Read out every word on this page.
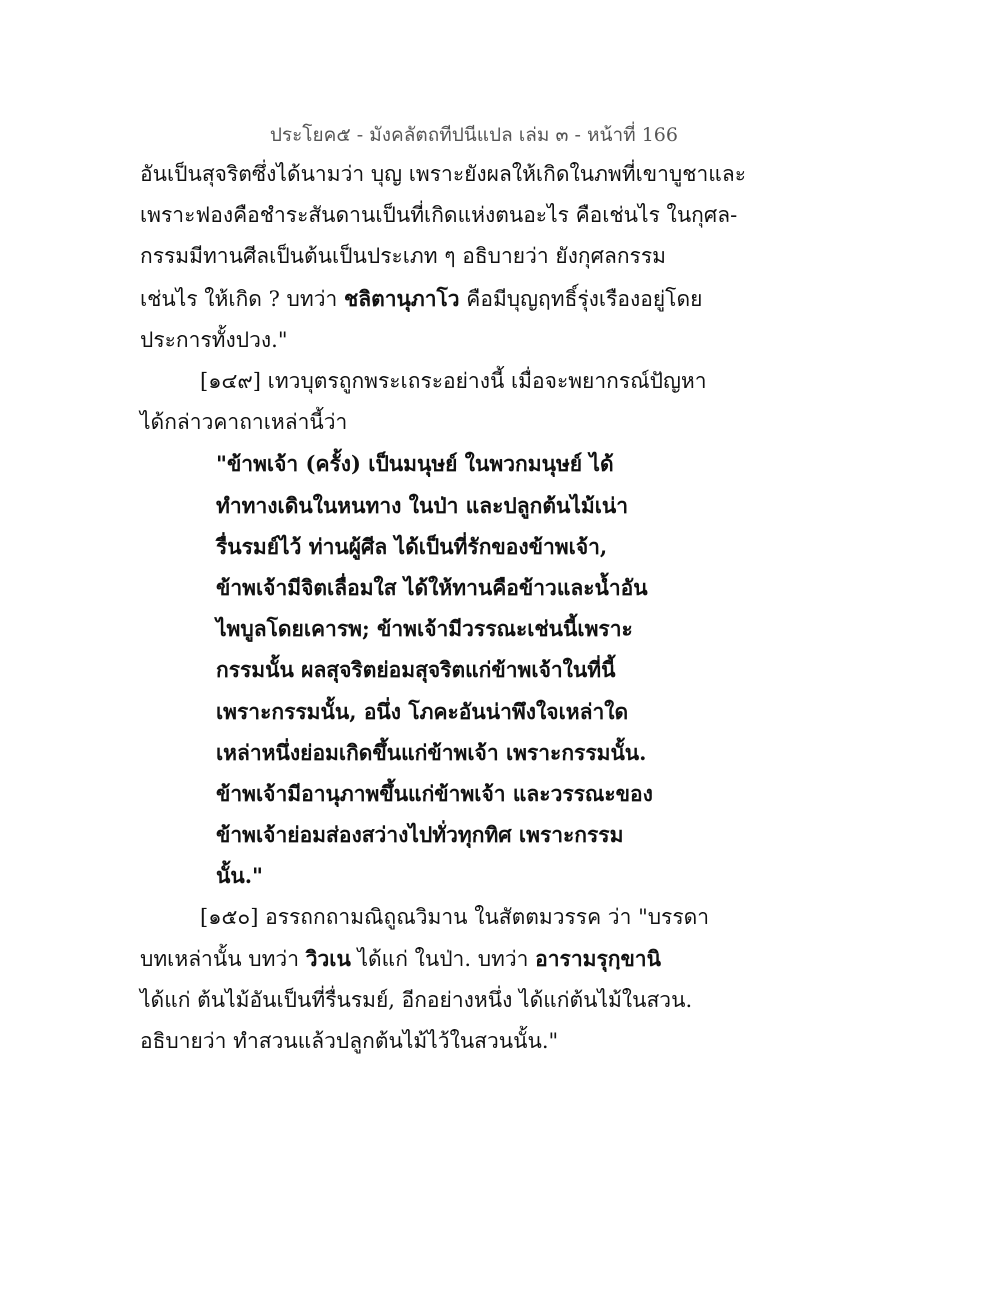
ประโยค๕ - มังคลัตถทีปนีแปล เล่ม ๓ - หน้าที่ 166
อันเป็นสุจริตซึ่งได้นามว่า บุญ เพราะยังผลให้เกิดในภพที่เขาบูชาและ
เพราะฟองคือชำระสันดานเป็นที่เกิดแห่งตนอะไร คือเช่นไร ในกุศล-
กรรมมีทานศีลเป็นต้นเป็นประเภท ๆ อธิบายว่า ยังกุศลกรรม
เช่นไร ให้เกิด ? บทว่า ชลิตานุภาโว คือมีบุญฤทธิ์รุ่งเรืองอยู่โดย
ประการทั้งปวง."
[๑๔๙] เทวบุตรถูกพระเถระอย่างนี้ เมื่อจะพยากรณ์ปัญหา
ได้กล่าวคาถาเหล่านี้ว่า
"ข้าพเจ้า (ครั้ง) เป็นมนุษย์ ในพวกมนุษย์ ได้
ทำทางเดินในหนทาง ในป่า และปลูกต้นไม้เน่า
รื่นรมย์ไว้ ท่านผู้ศีล ได้เป็นที่รักของข้าพเจ้า,
ข้าพเจ้ามีจิตเลื่อมใส ได้ให้ทานคือข้าวและน้ำอัน
ไพบูลโดยเคารพ; ข้าพเจ้ามีวรรณะเช่นนี้เพราะ
กรรมนั้น ผลสุจริตย่อมสุจริตแก่ข้าพเจ้าในที่นี้
เพราะกรรมนั้น, อนึ่ง โภคะอันน่าพึงใจเหล่าใด
เหล่าหนึ่งย่อมเกิดขึ้นแก่ข้าพเจ้า เพราะกรรมนั้น.
ข้าพเจ้ามีอานุภาพขึ้นแก่ข้าพเจ้า และวรรณะของ
ข้าพเจ้าย่อมส่องสว่างไปทั่วทุกทิศ เพราะกรรม
นั้น."
[๑๕๐] อรรถกถามณิถูณวิมาน ในสัตตมวรรค ว่า "บรรดา
บทเหล่านั้น บทว่า วิวเน ได้แก่ ในป่า. บทว่า อารามรุกฺขานิ
ได้แก่ ต้นไม้อันเป็นที่รื่นรมย์, อีกอย่างหนึ่ง ได้แก่ต้นไม้ในสวน.
อธิบายว่า ทำสวนแล้วปลูกต้นไม้ไว้ในสวนนั้น."
